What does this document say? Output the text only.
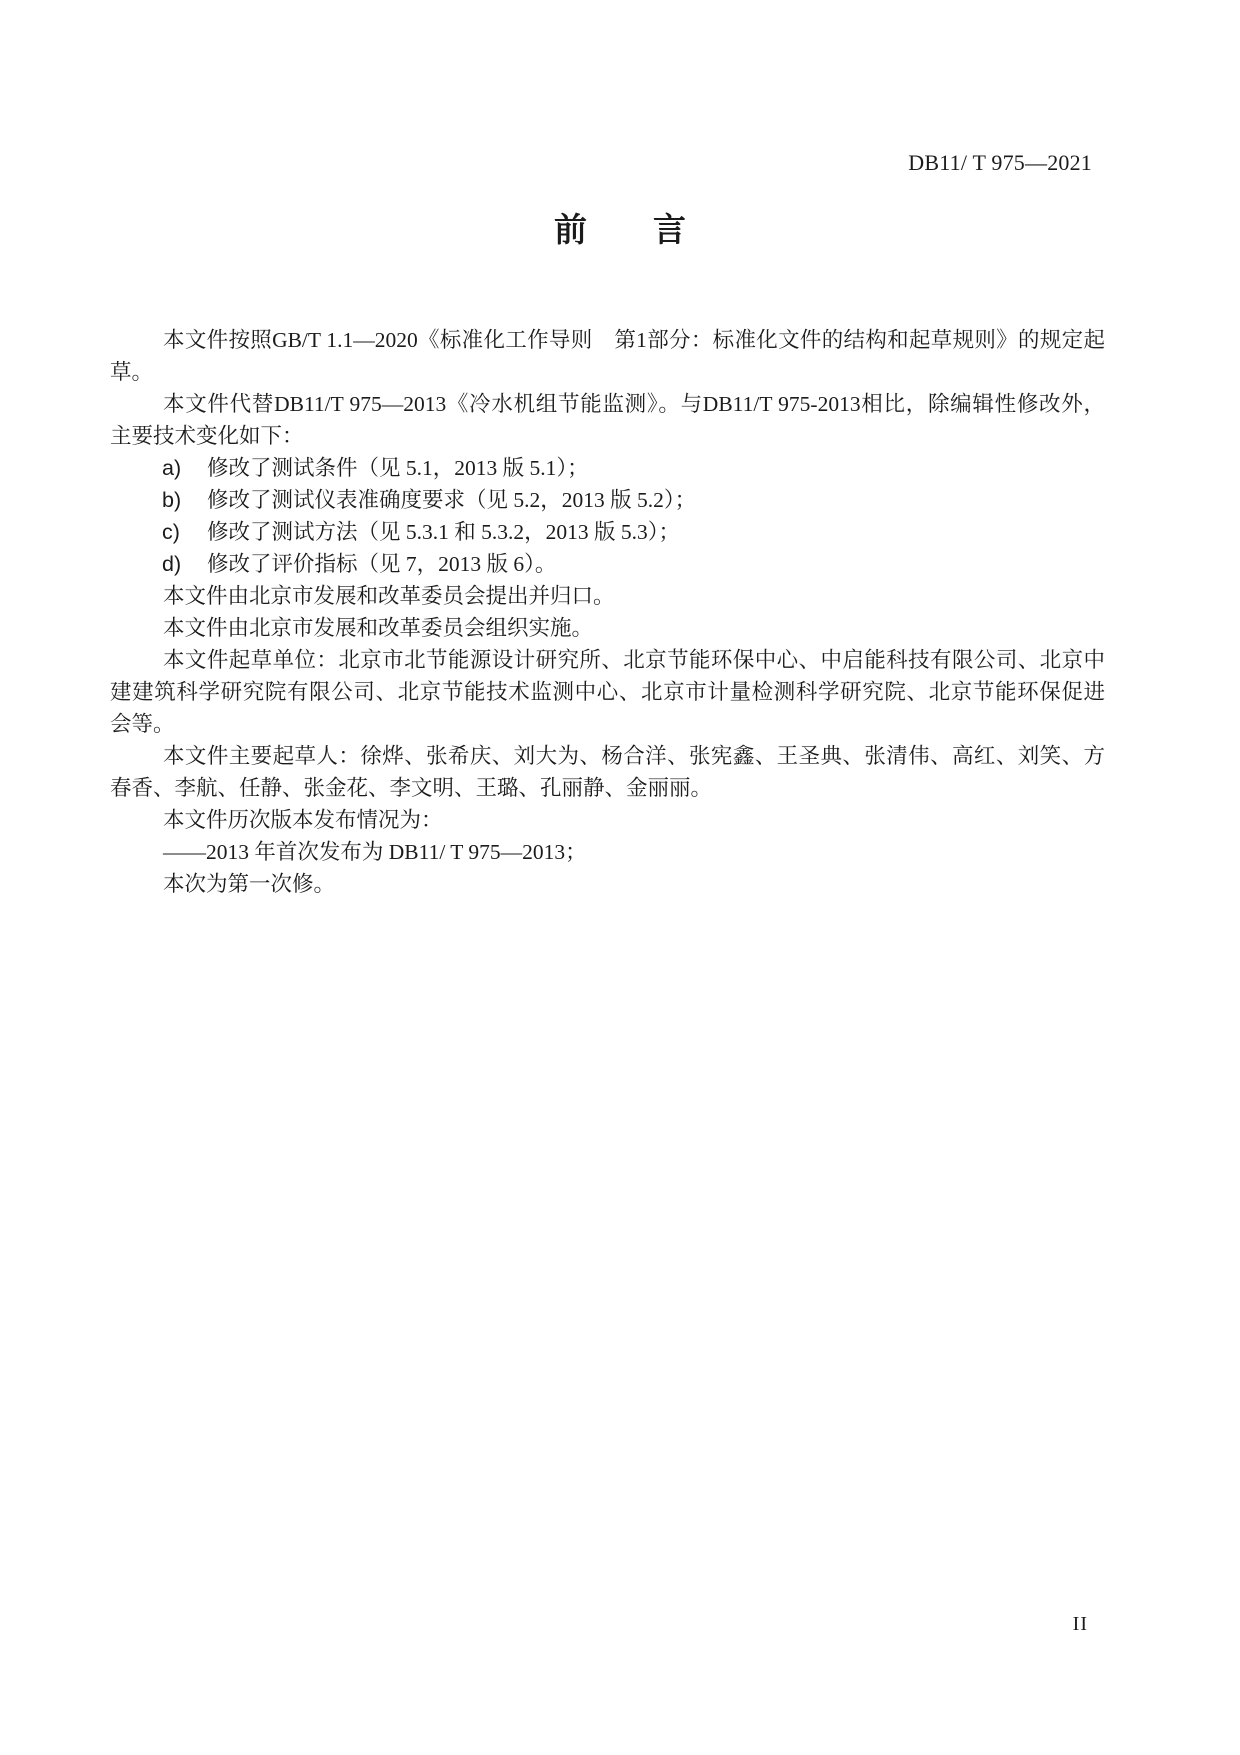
DB11/ T 975—2021
前　　言
本文件按照GB/T 1.1—2020《标准化工作导则　第1部分：标准化文件的结构和起草规则》的规定起
草。
本文件代替DB11/T 975—2013《冷水机组节能监测》。与DB11/T 975-2013相比，除编辑性修改外，
主要技术变化如下：
a) 修改了测试条件（见 5.1，2013 版 5.1）；
b) 修改了测试仪表准确度要求（见 5.2，2013 版 5.2）；
c) 修改了测试方法（见 5.3.1 和 5.3.2，2013 版 5.3）；
d) 修改了评价指标（见 7，2013 版 6）。
本文件由北京市发展和改革委员会提出并归口。
本文件由北京市发展和改革委员会组织实施。
本文件起草单位：北京市北节能源设计研究所、北京节能环保中心、中启能科技有限公司、北京中
建建筑科学研究院有限公司、北京节能技术监测中心、北京市计量检测科学研究院、北京节能环保促进
会等。
本文件主要起草人：徐烨、张希庆、刘大为、杨合洋、张宪鑫、王圣典、张清伟、高红、刘笑、方
春香、李航、任静、张金花、李文明、王璐、孔丽静、金丽丽。
本文件历次版本发布情况为：
——2013 年首次发布为 DB11/ T 975—2013；
本次为第一次修。
II
